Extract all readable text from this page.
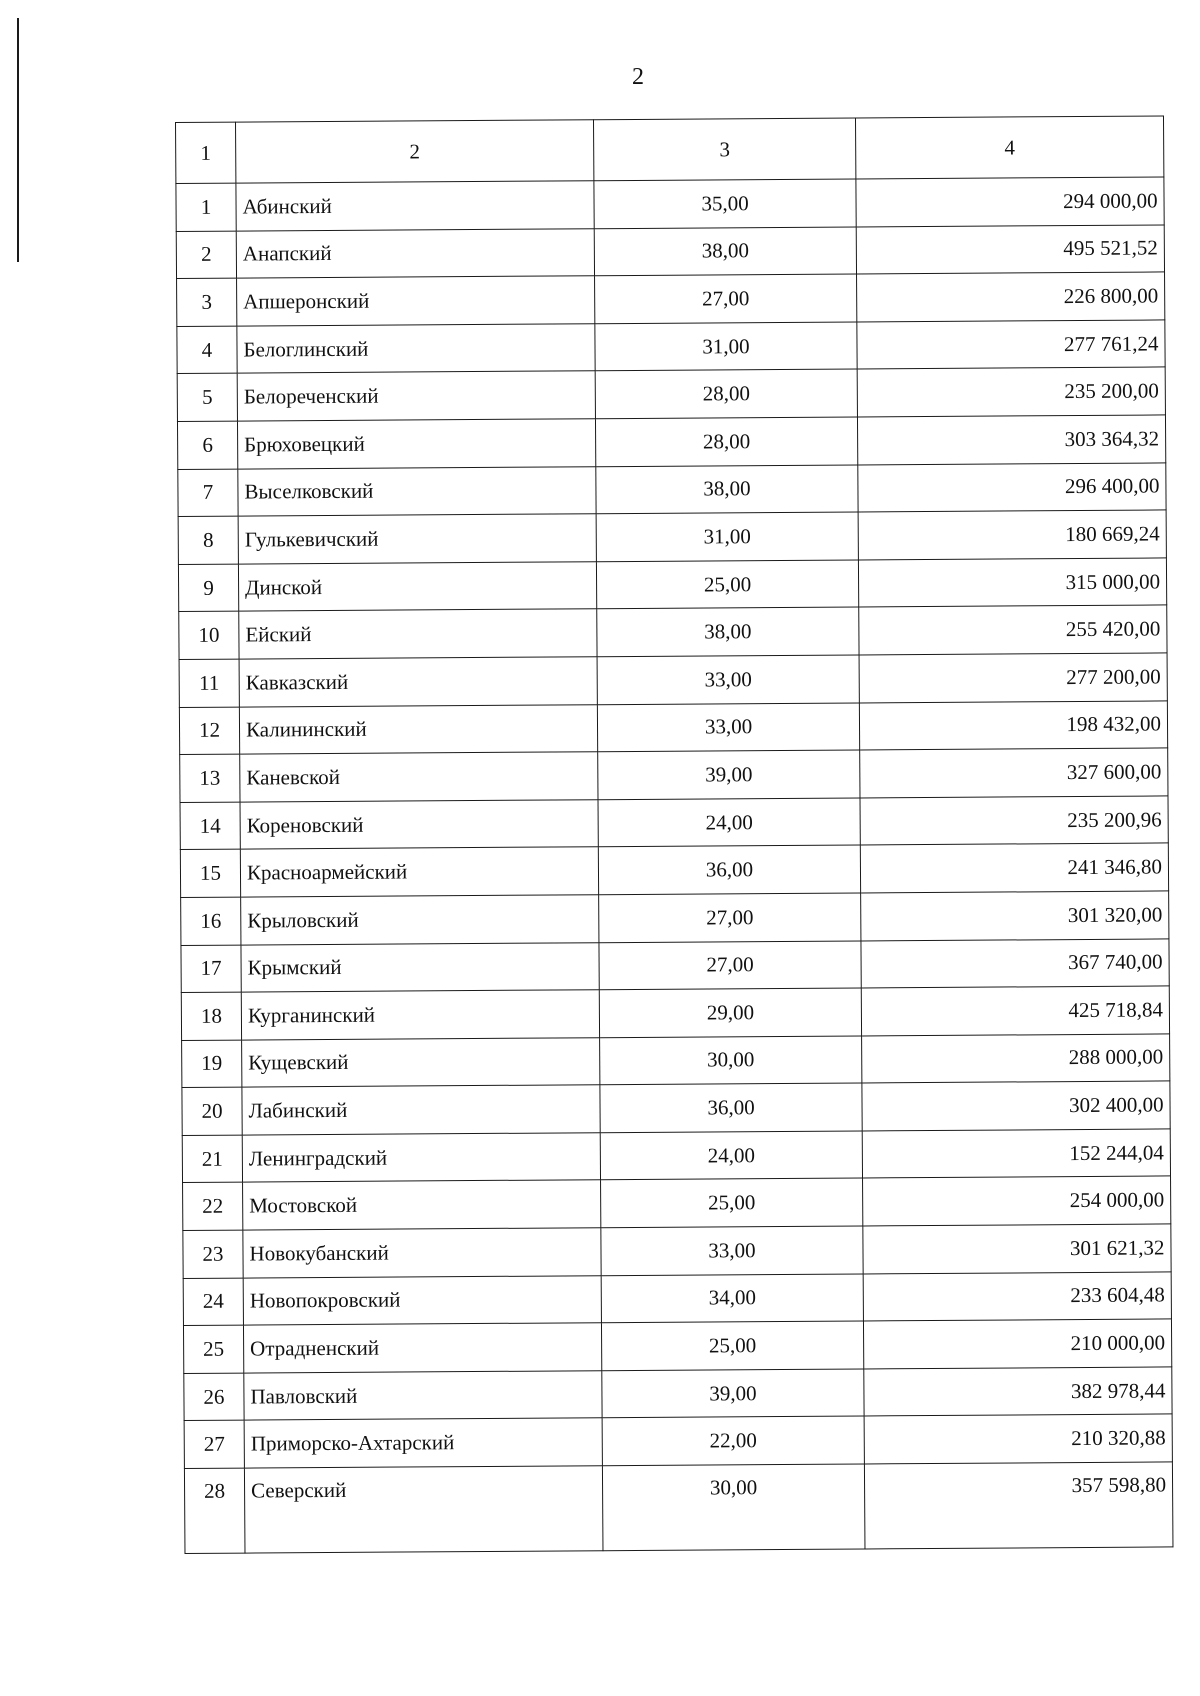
2
1	2	3	4
1	Абинский	35,00	294 000,00
2	Анапский	38,00	495 521,52
3	Апшеронский	27,00	226 800,00
4	Белоглинский	31,00	277 761,24
5	Белореченский	28,00	235 200,00
6	Брюховецкий	28,00	303 364,32
7	Выселковский	38,00	296 400,00
8	Гулькевичский	31,00	180 669,24
9	Динской	25,00	315 000,00
10	Ейский	38,00	255 420,00
11	Кавказский	33,00	277 200,00
12	Калининский	33,00	198 432,00
13	Каневской	39,00	327 600,00
14	Кореновский	24,00	235 200,96
15	Красноармейский	36,00	241 346,80
16	Крыловский	27,00	301 320,00
17	Крымский	27,00	367 740,00
18	Курганинский	29,00	425 718,84
19	Кущевский	30,00	288 000,00
20	Лабинский	36,00	302 400,00
21	Ленинградский	24,00	152 244,04
22	Мостовской	25,00	254 000,00
23	Новокубанский	33,00	301 621,32
24	Новопокровский	34,00	233 604,48
25	Отрадненский	25,00	210 000,00
26	Павловский	39,00	382 978,44
27	Приморско-Ахтарский	22,00	210 320,88
28	Северский	30,00	357 598,80
